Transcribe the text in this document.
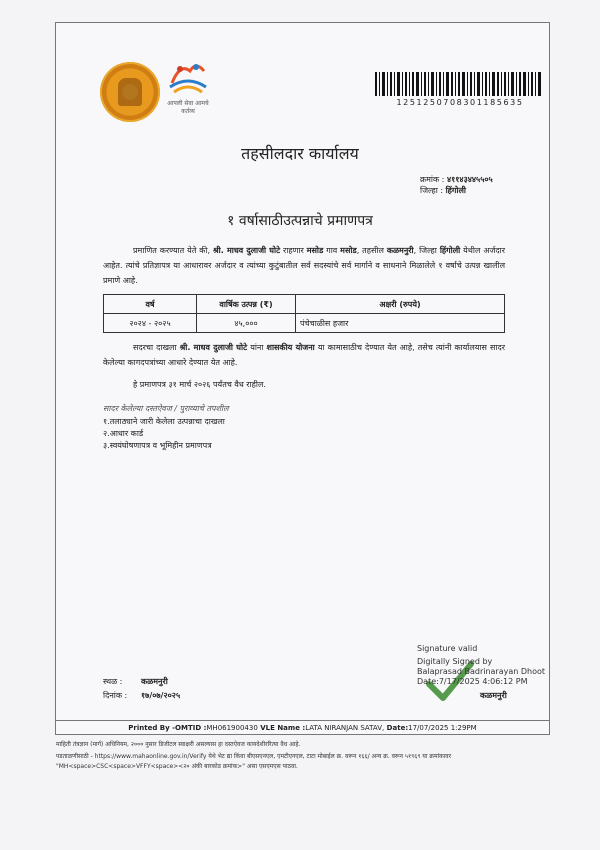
आपली सेवा आमचे कर्तव्य
1251250708301185635
तहसीलदार कार्यालय
क्रमांक : ४११४३४४५५०५
जिल्हा : हिंगोली
१ वर्षासाठीउत्पन्नाचे प्रमाणपत्र
प्रमाणित करण्यात येते की, श्री. माधव दुलाजी घोटे राहणार मसोड गाव मसोड, तहसील कळमनुरी, जिल्हा हिंगोली येथील अर्जदार आहेत. त्यांचे प्रतिज्ञापत्र या आधारावर अर्जदार व त्यांच्या कुटुंबातील सर्व सदस्यांचे सर्व मार्गाने व साधनाने मिळालेले १ वर्षाचे उत्पन्न खालील प्रमाणे आहे.
वर्ष	वार्षिक उत्पन्न (₹)	अक्षरी (रुपये)
२०२४ - २०२५	४५,०००	पंचेचाळीस हजार
सदरचा दाखला श्री. माधव दुलाजी घोटे यांना शासकीय योजना या कामासाठीच देण्यात येत आहे, तसेच त्यांनी कार्यालयास सादर केलेल्या कागदपत्रांच्या आधारे देण्यात येत आहे.
हे प्रमाणपत्र ३१ मार्च २०२६ पर्यंतच वैध राहील.
सादर केलेल्या दस्तऐवज / पुराव्याचे तपशील
१.तलाठ्याने जारी केलेला उत्पन्नाचा दाखला
२.आधार कार्ड
३.स्वयंघोषणापत्र व भूमिहीन प्रमाणपत्र
स्थळ : कळमनुरी
दिनांक : १७/०७/२०२५
Signature valid
Digitally Signed by
Balaprasad Badrinarayan Dhoot
Date:7/17/2025 4:06:12 PM
कळमनुरी
Printed By -OMTID :MH061900430 VLE Name :LATA NIRANJAN SATAV, Date:17/07/2025 1:29PM
माहिती तंत्रज्ञान (मार्ग) अधिनियम, २००० नुसार डिजीटल स्वाक्षरी असल्यास हा दस्तऐवज कायदेशीररित्या वैध आहे.
पडताळणीसाठी - https://www.mahaonline.gov.in/Verify येथे भेट द्या किंवा बीएसएनएल, एमटीएनएल, टाटा मोबाईल क्र. वरून १६६/ अन्य क्र. वरून ५१९६९ या क्रमांकावर
"MH<space>CSC<space>VFFY<space><२० अंकी बारकोड क्रमांक>" असा एसएमएस पाठवा.
